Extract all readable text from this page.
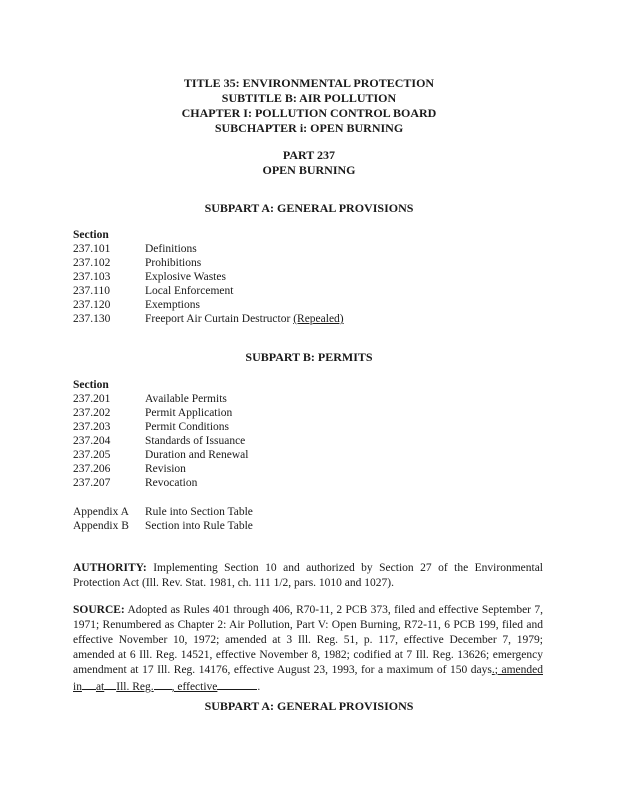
TITLE 35: ENVIRONMENTAL PROTECTION

SUBTITLE B: AIR POLLUTION

CHAPTER I: POLLUTION CONTROL BOARD

SUBCHAPTER i: OPEN BURNING

PART 237

OPEN BURNING

SUBPART A: GENERAL PROVISIONS

Section

237.101	Definitions
237.102	Prohibitions
237.103	Explosive Wastes
237.110	Local Enforcement
237.120	Exemptions
237.130	Freeport Air Curtain Destructor (Repealed)

SUBPART B: PERMITS

Section

237.201	Available Permits
237.202	Permit Application
237.203	Permit Conditions
237.204	Standards of Issuance
237.205	Duration and Renewal
237.206	Revision
237.207	Revocation
Appendix A	Rule into Section Table
Appendix B	Section into Rule Table

AUTHORITY: Implementing Section 10 and authorized by Section 27 of the Environmental Protection Act (Ill. Rev. Stat. 1981, ch. 111 1/2, pars. 1010 and 1027).

SOURCE: Adopted as Rules 401 through 406, R70-11, 2 PCB 373, filed and effective September 7, 1971; Renumbered as Chapter 2: Air Pollution, Part V: Open Burning, R72-11, 6 PCB 199, filed and effective November 10, 1972; amended at 3 Ill. Reg. 51, p. 117, effective December 7, 1979; amended at 6 Ill. Reg. 14521, effective November 8, 1982; codified at 7 Ill. Reg. 13626; emergency amendment at 17 Ill. Reg. 14176, effective August 23, 1993, for a maximum of 150 days.; amended in at Ill. Reg. , effective	.

SUBPART A: GENERAL PROVISIONS
